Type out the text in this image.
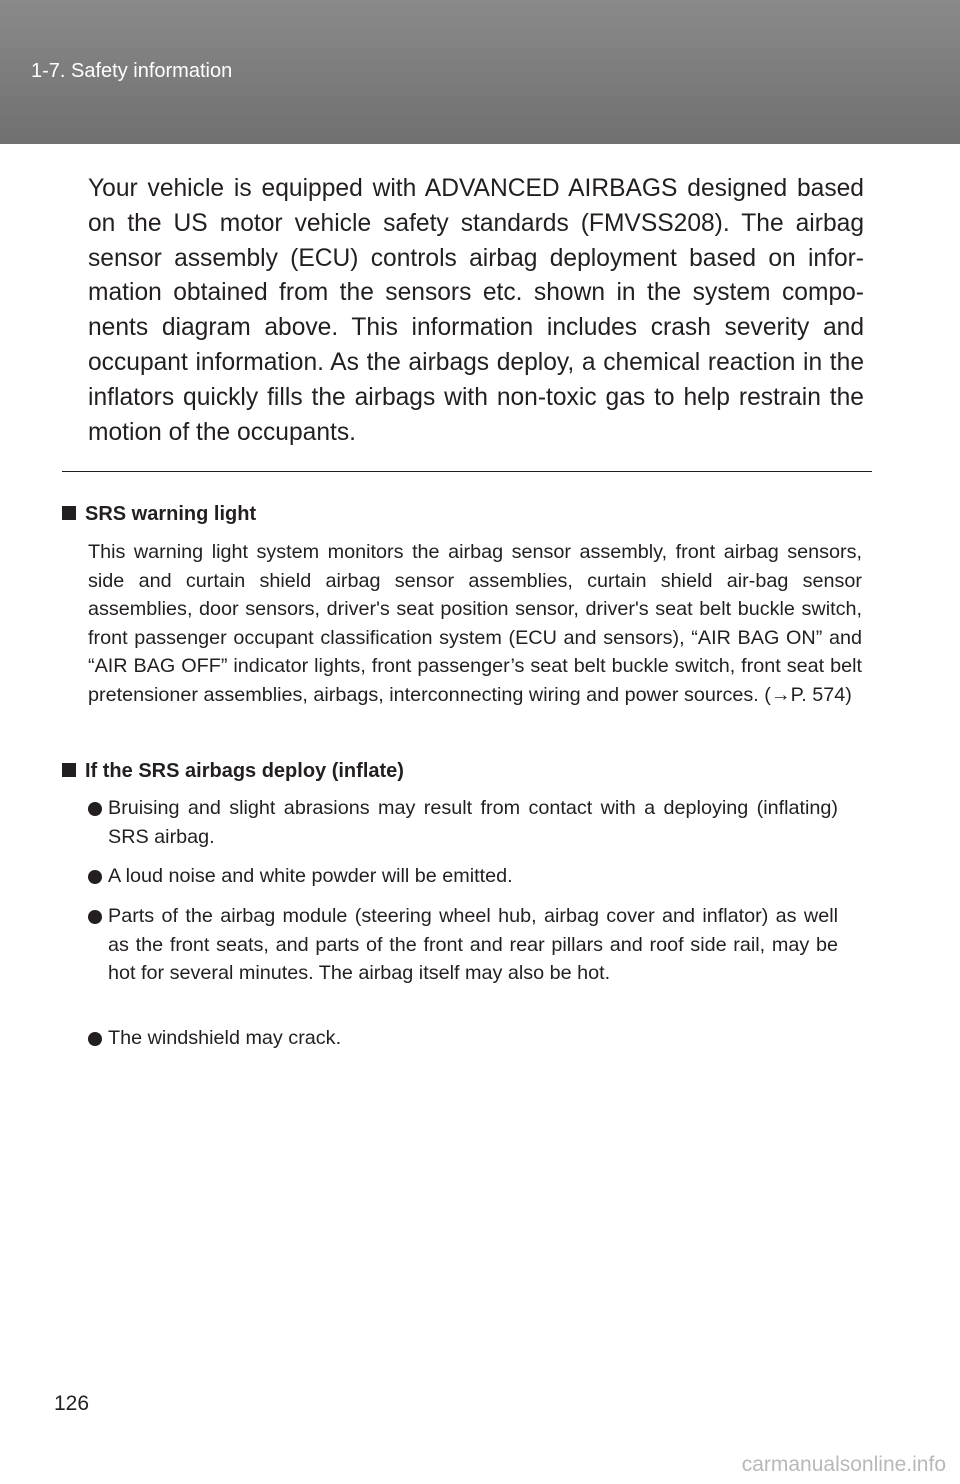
1-7. Safety information

Your vehicle is equipped with ADVANCED AIRBAGS designed based on the US motor vehicle safety standards (FMVSS208). The airbag sensor assembly (ECU) controls airbag deployment based on infor-mation obtained from the sensors etc. shown in the system compo-nents diagram above. This information includes crash severity and occupant information. As the airbags deploy, a chemical reaction in the inflators quickly fills the airbags with non-toxic gas to help restrain the motion of the occupants.

SRS warning light

This warning light system monitors the airbag sensor assembly, front airbag sensors, side and curtain shield airbag sensor assemblies, curtain shield air-bag sensor assemblies, door sensors, driver's seat position sensor, driver's seat belt buckle switch, front passenger occupant classification system (ECU and sensors), “AIR BAG ON” and “AIR BAG OFF” indicator lights, front passenger’s seat belt buckle switch, front seat belt pretensioner assemblies, airbags, interconnecting wiring and power sources. (→P. 574)

If the SRS airbags deploy (inflate)

Bruising and slight abrasions may result from contact with a deploying (inflating) SRS airbag.

A loud noise and white powder will be emitted.

Parts of the airbag module (steering wheel hub, airbag cover and inflator) as well as the front seats, and parts of the front and rear pillars and roof side rail, may be hot for several minutes. The airbag itself may also be hot.

The windshield may crack.

126
carmanualsonline.info
